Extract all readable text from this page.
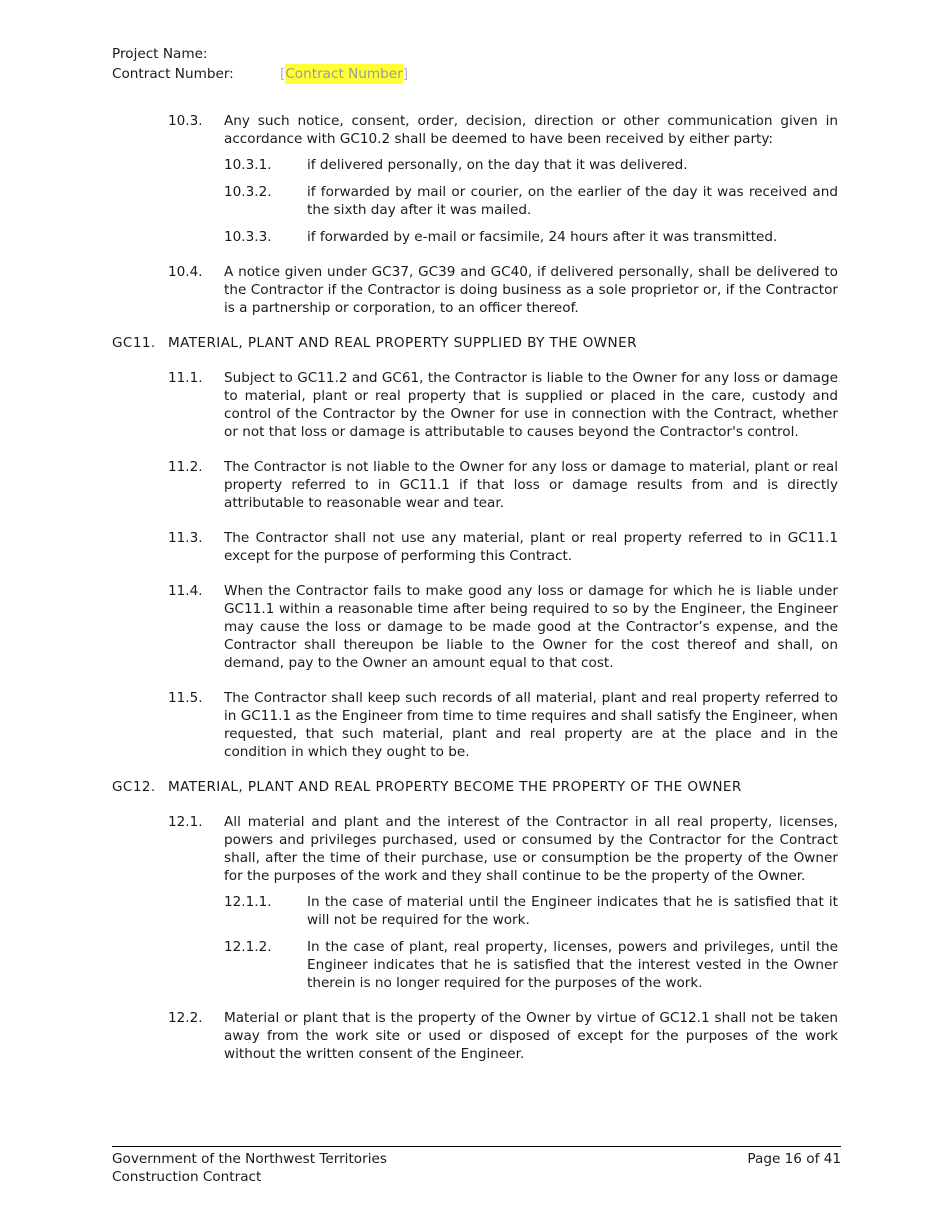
Project Name:
Contract Number:	[ Contract Number ]
10.3.	Any such notice, consent, order, decision, direction or other communication given in accordance with GC10.2 shall be deemed to have been received by either party:
10.3.1.	if delivered personally, on the day that it was delivered.
10.3.2.	if forwarded by mail or courier, on the earlier of the day it was received and the sixth day after it was mailed.
10.3.3.	if forwarded by e-mail or facsimile, 24 hours after it was transmitted.
10.4.	A notice given under GC37, GC39 and GC40, if delivered personally, shall be delivered to the Contractor if the Contractor is doing business as a sole proprietor or, if the Contractor is a partnership or corporation, to an officer thereof.
GC11. MATERIAL, PLANT AND REAL PROPERTY SUPPLIED BY THE OWNER
11.1.	Subject to GC11.2 and GC61, the Contractor is liable to the Owner for any loss or damage to material, plant or real property that is supplied or placed in the care, custody and control of the Contractor by the Owner for use in connection with the Contract, whether or not that loss or damage is attributable to causes beyond the Contractor's control.
11.2.	The Contractor is not liable to the Owner for any loss or damage to material, plant or real property referred to in GC11.1 if that loss or damage results from and is directly attributable to reasonable wear and tear.
11.3.	The Contractor shall not use any material, plant or real property referred to in GC11.1 except for the purpose of performing this Contract.
11.4.	When the Contractor fails to make good any loss or damage for which he is liable under GC11.1 within a reasonable time after being required to so by the Engineer, the Engineer may cause the loss or damage to be made good at the Contractor’s expense, and the Contractor shall thereupon be liable to the Owner for the cost thereof and shall, on demand, pay to the Owner an amount equal to that cost.
11.5.	The Contractor shall keep such records of all material, plant and real property referred to in GC11.1 as the Engineer from time to time requires and shall satisfy the Engineer, when requested, that such material, plant and real property are at the place and in the condition in which they ought to be.
GC12. MATERIAL, PLANT AND REAL PROPERTY BECOME THE PROPERTY OF THE OWNER
12.1.	All material and plant and the interest of the Contractor in all real property, licenses, powers and privileges purchased, used or consumed by the Contractor for the Contract shall, after the time of their purchase, use or consumption be the property of the Owner for the purposes of the work and they shall continue to be the property of the Owner.
12.1.1.	In the case of material until the Engineer indicates that he is satisfied that it will not be required for the work.
12.1.2.	In the case of plant, real property, licenses, powers and privileges, until the Engineer indicates that he is satisfied that the interest vested in the Owner therein is no longer required for the purposes of the work.
12.2.	Material or plant that is the property of the Owner by virtue of GC12.1 shall not be taken away from the work site or used or disposed of except for the purposes of the work without the written consent of the Engineer.
Government of the Northwest Territories	Page 16 of 41
Construction Contract
